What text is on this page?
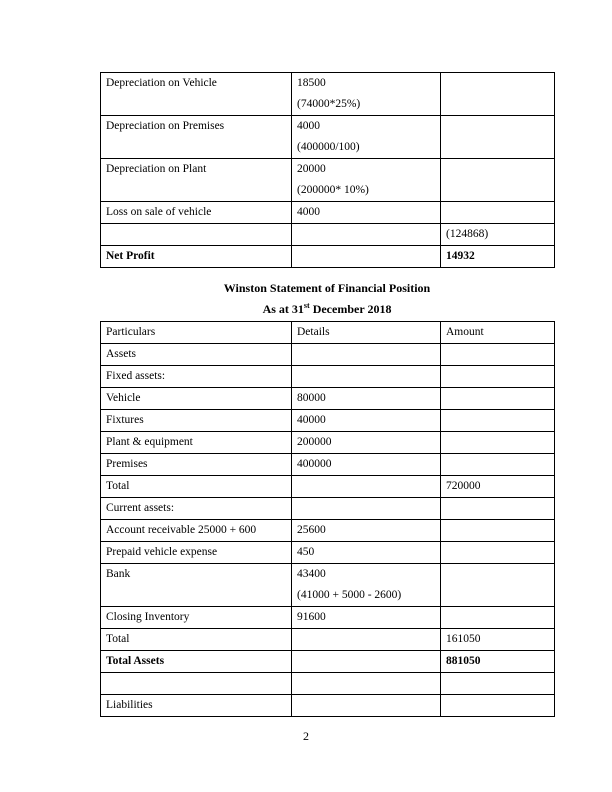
Depreciation on Vehicle	18500
(74000*25%)	

Depreciation on Premises	4000
(400000/100)	

Depreciation on Plant	20000
(200000* 10%)	

Loss on sale of vehicle	4000	
		(124868)
Net Profit		14932
Winston Statement of Financial Position
As at 31st December 2018
Particulars	Details	Amount
Assets		
Fixed assets:		
Vehicle	80000	
Fixtures	40000	
Plant & equipment	200000	
Premises	400000	
Total		720000
Current assets:		
Account receivable 25000 + 600	25600	
Prepaid vehicle expense	450	
Bank	43400
(41000 + 5000 - 2600)	

Closing Inventory	91600	
Total		161050
Total Assets		881050

Liabilities		
2
